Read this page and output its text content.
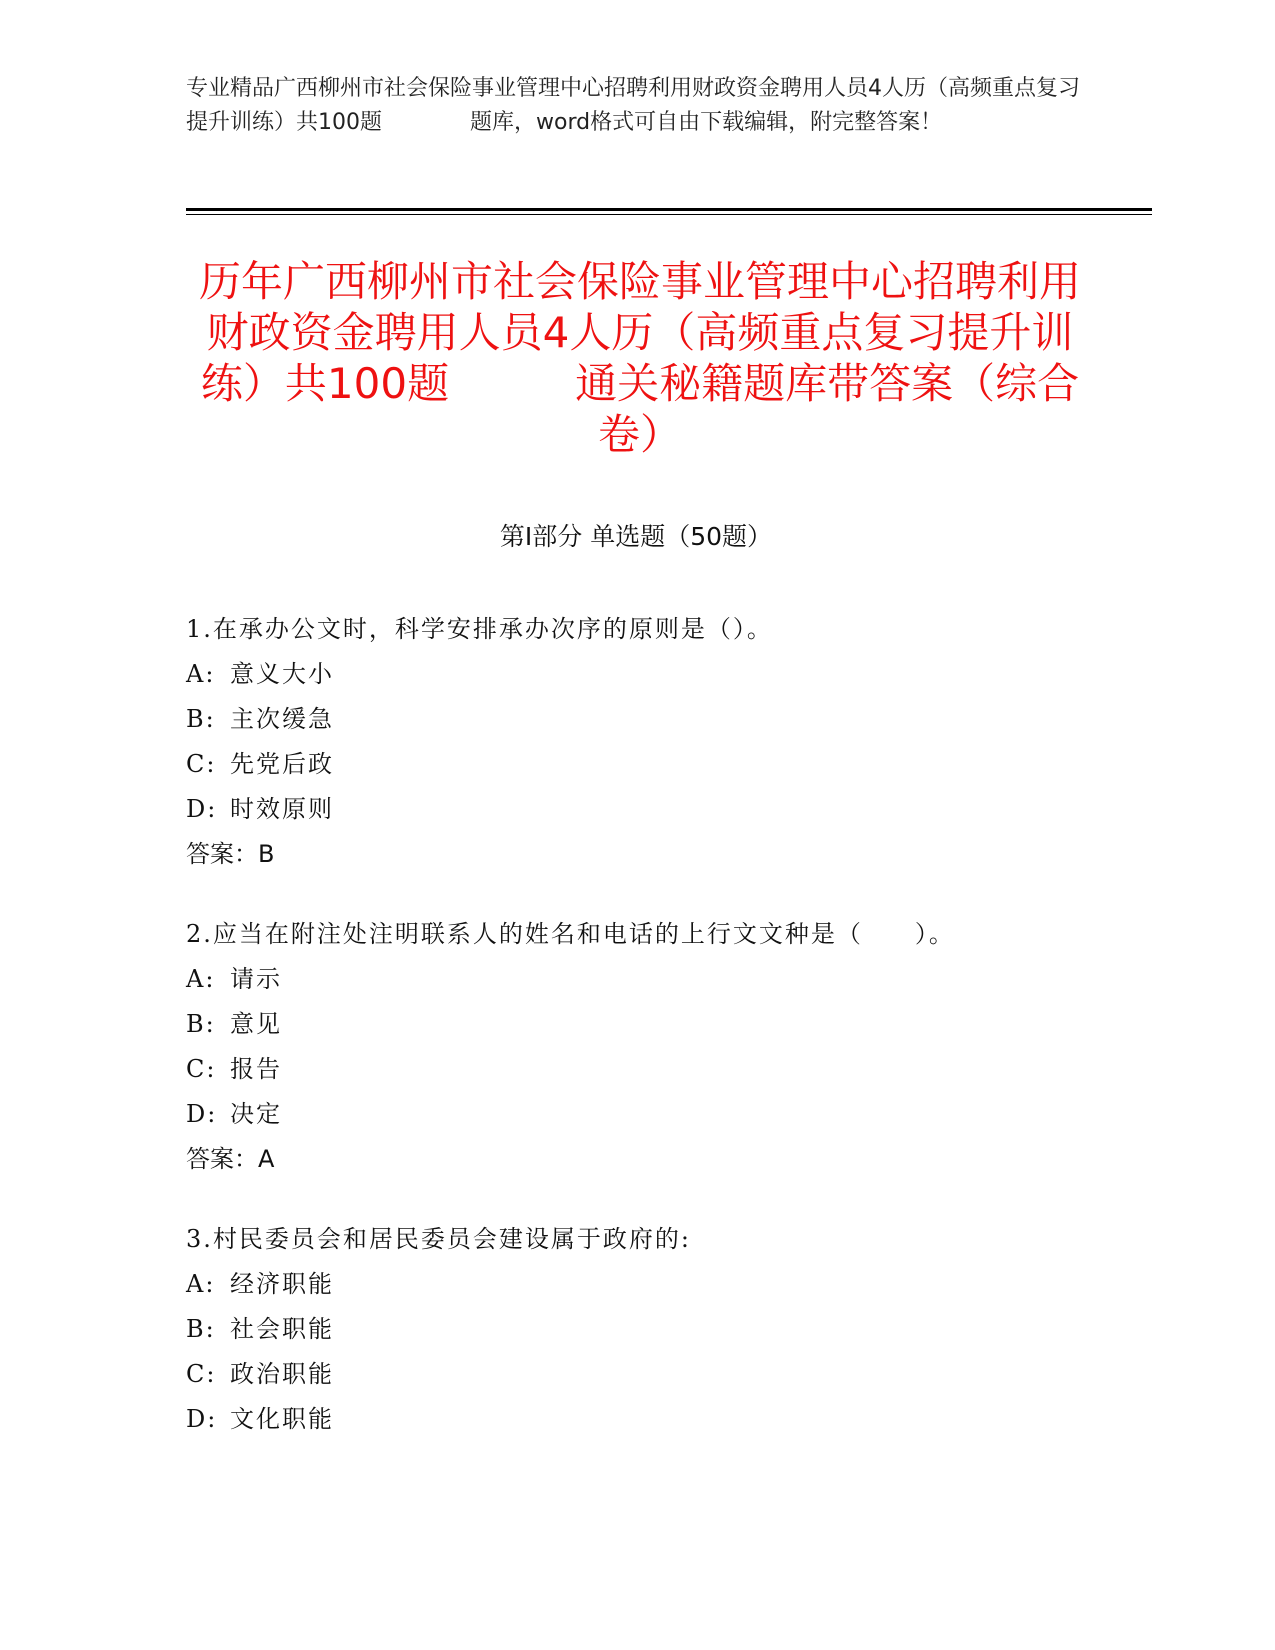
专业精品广西柳州市社会保险事业管理中心招聘利用财政资金聘用人员4人历（高频重点复习提升训练）共100题　　　　题库，word格式可自由下载编辑，附完整答案！
历年广西柳州市社会保险事业管理中心招聘利用财政资金聘用人员4人历（高频重点复习提升训练）共100题　　　通关秘籍题库带答案（综合卷）
第Ⅰ部分 单选题（50题）
1.在承办公文时，科学安排承办次序的原则是（）。
A: 意义大小
B: 主次缓急
C: 先党后政
D: 时效原则
答案：B
2.应当在附注处注明联系人的姓名和电话的上行文文种是（　　）。
A: 请示
B: 意见
C: 报告
D: 决定
答案：A
3.村民委员会和居民委员会建设属于政府的:
A: 经济职能
B: 社会职能
C: 政治职能
D: 文化职能
